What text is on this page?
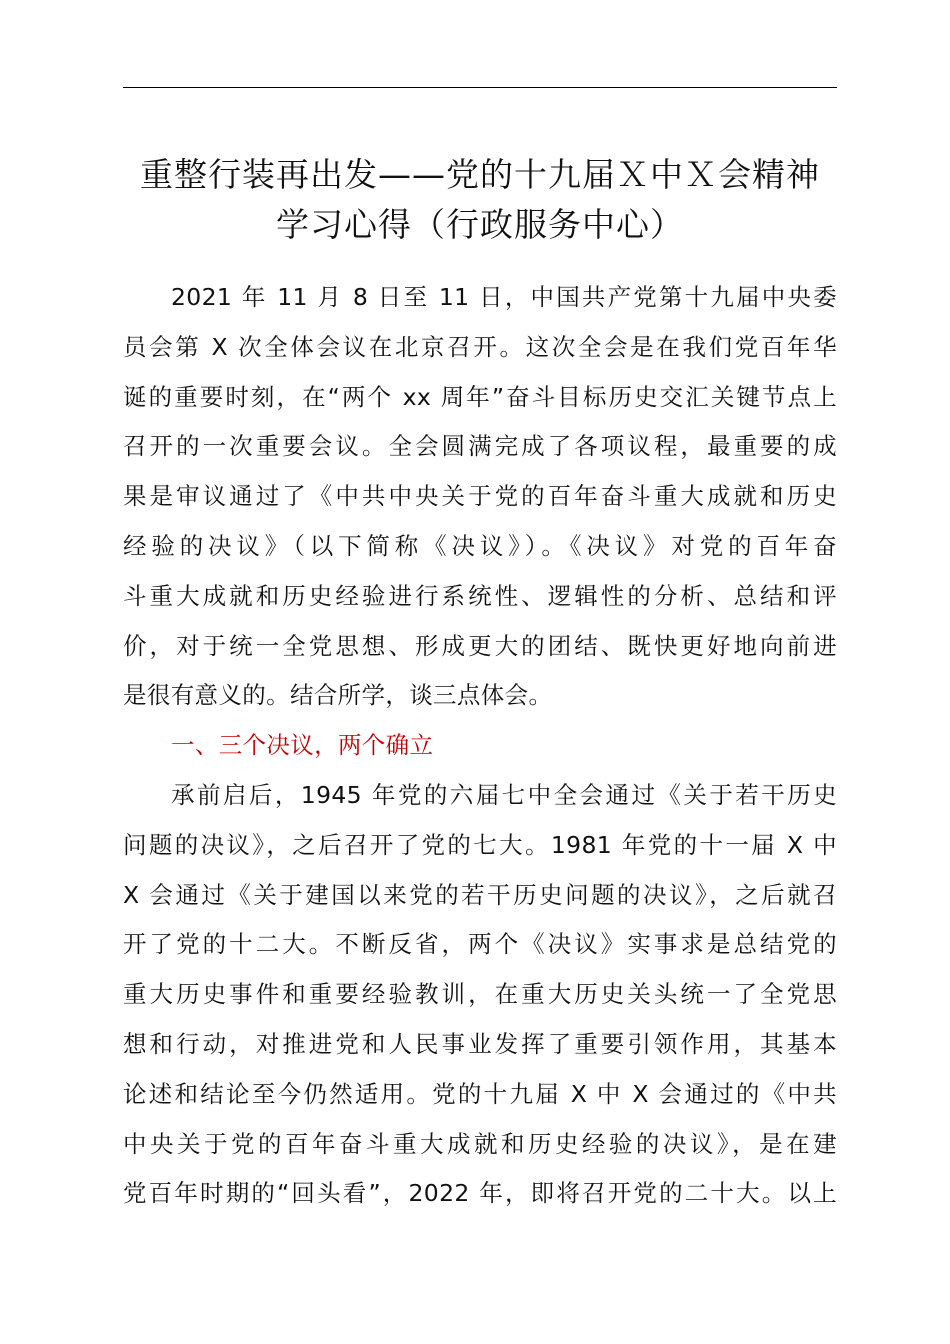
重整行装再出发——党的十九届Ｘ中Ｘ会精神
学习心得（行政服务中心）
2021 年 11 月 8 日至 11 日，中国共产党第十九届中央委
员会第 X 次全体会议在北京召开。这次全会是在我们党百年华
诞的重要时刻，在“两个 xx 周年”奋斗目标历史交汇关键节点上
召开的一次重要会议。全会圆满完成了各项议程，最重要的成
果是审议通过了《中共中央关于党的百年奋斗重大成就和历史
经验的决议》（以下简称《决议》）。《决议》对党的百年奋
斗重大成就和历史经验进行系统性、逻辑性的分析、总结和评
价，对于统一全党思想、形成更大的团结、既快更好地向前进
是很有意义的。结合所学，谈三点体会。
一、三个决议，两个确立
承前启后，1945 年党的六届七中全会通过《关于若干历史
问题的决议》，之后召开了党的七大。1981 年党的十一届 X 中
X 会通过《关于建国以来党的若干历史问题的决议》，之后就召
开了党的十二大。不断反省，两个《决议》实事求是总结党的
重大历史事件和重要经验教训，在重大历史关头统一了全党思
想和行动，对推进党和人民事业发挥了重要引领作用，其基本
论述和结论至今仍然适用。党的十九届 X 中 X 会通过的《中共
中央关于党的百年奋斗重大成就和历史经验的决议》，是在建
党百年时期的“回头看”，2022 年，即将召开党的二十大。以上
